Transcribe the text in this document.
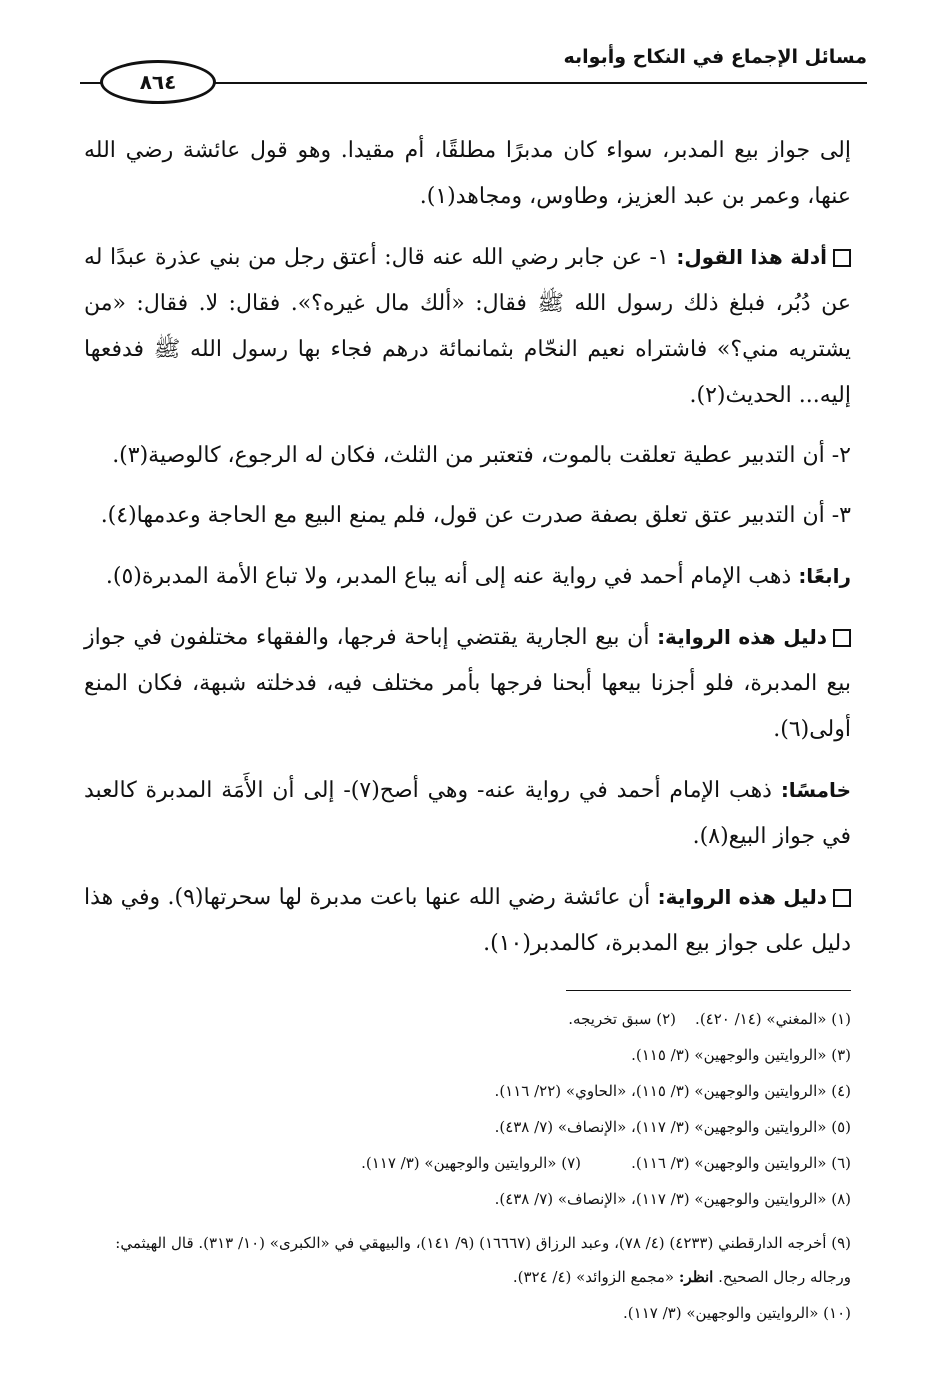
مسائل الإجماع في النكاح وأبوابه
٨٦٤

إلى جواز بيع المدبر، سواء كان مدبرًا مطلقًا، أم مقيدا. وهو قول عائشة رضي الله عنها، وعمر بن عبد العزيز، وطاوس، ومجاهد(١).

أدلة هذا القول: ١- عن جابر رضي الله عنه قال: أعتق رجل من بني عذرة عبدًا له عن دُبُر، فبلغ ذلك رسول الله ﷺ فقال: «ألك مال غيره؟». فقال: لا. فقال: «من يشتريه مني؟» فاشتراه نعيم النحّام بثمانمائة درهم فجاء بها رسول الله ﷺ فدفعها إليه... الحديث(٢).

٢- أن التدبير عطية تعلقت بالموت، فتعتبر من الثلث، فكان له الرجوع، كالوصية(٣).

٣- أن التدبير عتق تعلق بصفة صدرت عن قول، فلم يمنع البيع مع الحاجة وعدمها(٤).

رابعًا: ذهب الإمام أحمد في رواية عنه إلى أنه يباع المدبر، ولا تباع الأمة المدبرة(٥).

دليل هذه الرواية: أن بيع الجارية يقتضي إباحة فرجها، والفقهاء مختلفون في جواز بيع المدبرة، فلو أجزنا بيعها أبحنا فرجها بأمر مختلف فيه، فدخلته شبهة، فكان المنع أولى(٦).

خامسًا: ذهب الإمام أحمد في رواية عنه- وهي أصح(٧)- إلى أن الأَمَة المدبرة كالعبد في جواز البيع(٨).

دليل هذه الرواية: أن عائشة رضي الله عنها باعت مدبرة لها سحرتها(٩). وفي هذا دليل على جواز بيع المدبرة، كالمدبر(١٠).

(١) «المغني» (١٤/ ٤٢٠).
(٢) سبق تخريجه.
(٣) «الروايتين والوجهين» (٣/ ١١٥).
(٤) «الروايتين والوجهين» (٣/ ١١٥)، «الحاوي» (٢٢/ ١١٦).
(٥) «الروايتين والوجهين» (٣/ ١١٧)، «الإنصاف» (٧/ ٤٣٨).
(٦) «الروايتين والوجهين» (٣/ ١١٦).
(٧) «الروايتين والوجهين» (٣/ ١١٧).
(٨) «الروايتين والوجهين» (٣/ ١١٧)، «الإنصاف» (٧/ ٤٣٨).
(٩) أخرجه الدارقطني (٤٢٣٣) (٤/ ٧٨)، وعبد الرزاق (١٦٦٦٧) (٩/ ١٤١)، والبيهقي في «الكبرى» (١٠/ ٣١٣). قال الهيثمي: ورجاله رجال الصحيح. انظر: «مجمع الزوائد» (٤/ ٣٢٤).
(١٠) «الروايتين والوجهين» (٣/ ١١٧).
